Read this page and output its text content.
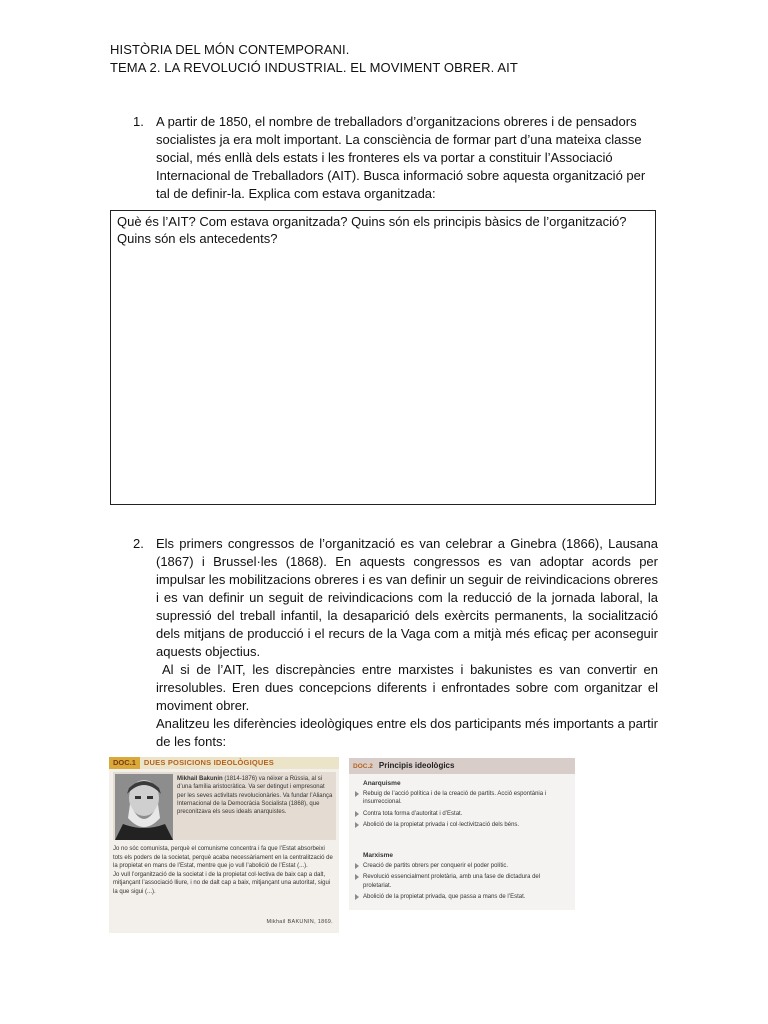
HISTÒRIA DEL MÓN CONTEMPORANI.
TEMA 2. LA REVOLUCIÓ INDUSTRIAL. EL MOVIMENT OBRER. AIT
1. A partir de 1850, el nombre de treballadors d’organitzacions obreres i de pensadors socialistes ja era molt important. La consciència de formar part d’una mateixa classe social, més enllà dels estats i les fronteres els va portar a constituir l’Associació Internacional de Treballadors (AIT). Busca informació sobre aquesta organització per tal de definir-la. Explica com estava organitzada:
Què és l’AIT? Com estava organitzada? Quins són els principis bàsics de l’organització?
Quins són els antecedents?
2. Els primers congressos de l’organització es van celebrar a Ginebra (1866), Lausana (1867) i Brussel·les (1868). En aquests congressos es van adoptar acords per impulsar les mobilitzacions obreres i es van definir un seguir de reivindicacions obreres i es van definir un seguit de reivindicacions com la reducció de la jornada laboral, la supressió del treball infantil, la desaparició dels exèrcits permanents, la socialització dels mitjans de producció i el recurs de la Vaga com a mitjà més eficaç per aconseguir aquests objectius.

Al si de l’AIT, les discrepàncies entre marxistes i bakunistes es van convertir en irresolubles. Eren dues concepcions diferents i enfrontades sobre com organitzar el moviment obrer.

Analitzeu les diferències ideològiques entre els dos participants més importants a partir de les fonts:

DOC.1 DUES POSICIONS IDEOLÒGIQUES
Mikhail Bakunin (1814-1876) va néixer a Rússia, al si d’una família aristocràtica. Va ser detingut i empresonat per les seves activitats revolucionàries. Va fundar l’Aliança Internacional de la Democràcia Socialista (1868), que preconitzava els seus ideals anarquistes.

Jo no sóc comunista, perquè el comunisme concentra i fa que l’Estat absorbeixi tots els poders de la societat, perquè acaba necessàriament en la centralització de la propietat en mans de l’Estat, mentre que jo vull l’abolició de l’Estat (...).

Jo vull l’organització de la societat i de la propietat col·lectiva de baix cap a dalt, mitjançant l’associació lliure, i no de dalt cap a baix, mitjançant una autoritat, sigui la que sigui (...).

Mikhail BAKUNIN, 1869.
DOC.2 Principis ideològics
Anarquisme
Rebuig de l’acció política i de la creació de partits. Acció espontània i insurreccional.
Contra tota forma d’autoritat i d’Estat.
Abolició de la propietat privada i col·lectivització dels béns.
Marxisme
Creació de partits obrers per conquerir el poder polític.
Revolució essencialment proletària, amb una fase de dictadura del proletariat.
Abolició de la propietat privada, que passa a mans de l’Estat.
